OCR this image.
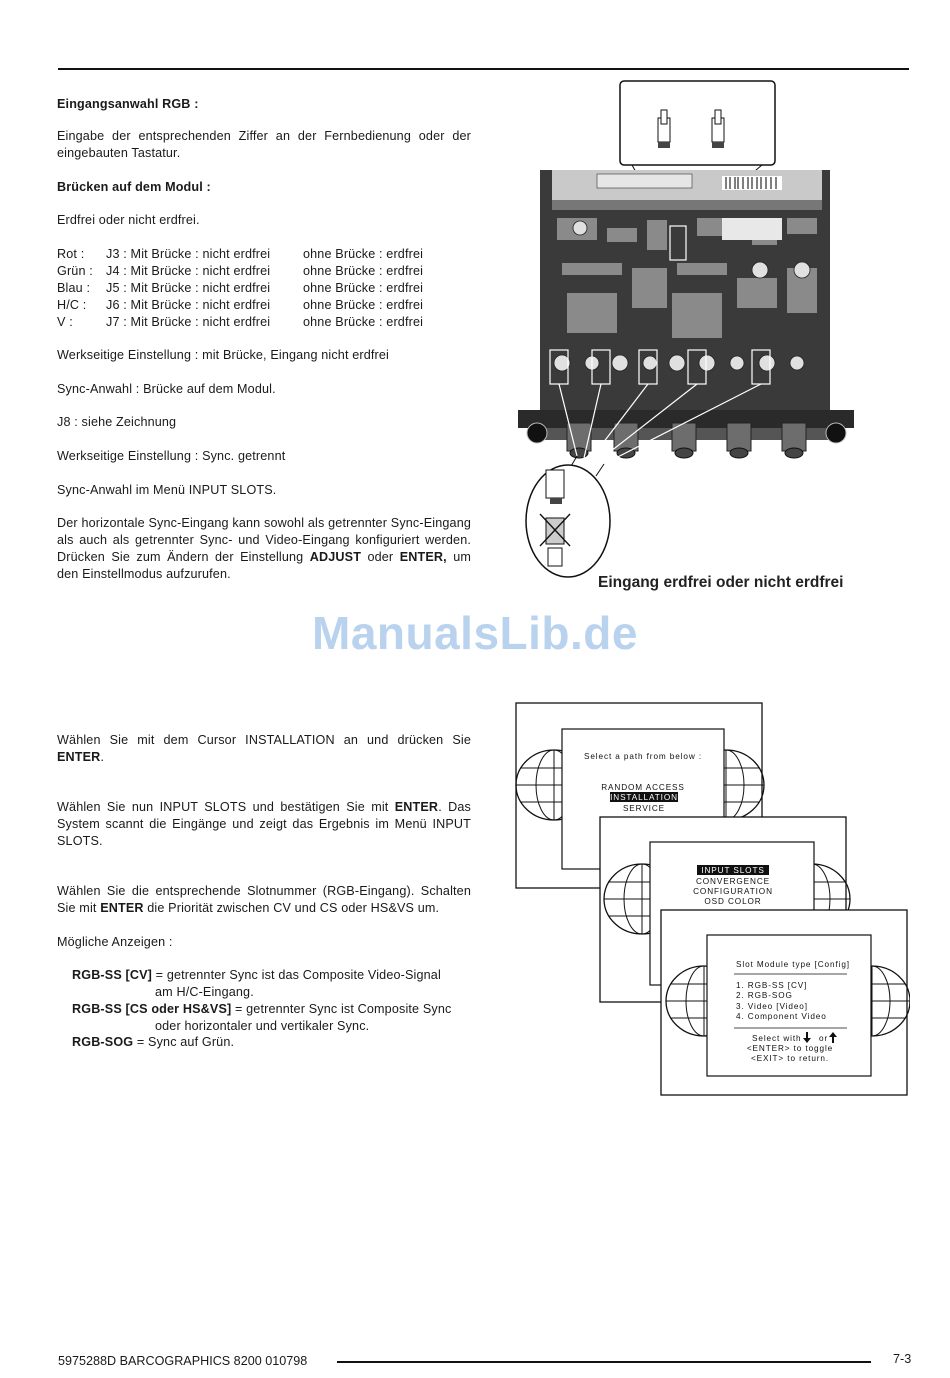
Eingangsanwahl RGB :
Eingabe der entsprechenden Ziffer an der Fernbedienung oder der eingebauten Tastatur.
Brücken auf dem Modul :
Erdfrei oder nicht erdfrei.
Rot :	J3 : Mit Brücke : nicht erdfrei	ohne Brücke : erdfrei
Grün :	J4 : Mit Brücke : nicht erdfrei	ohne Brücke : erdfrei
Blau :	J5 : Mit Brücke : nicht erdfrei	ohne Brücke : erdfrei
H/C :	J6 : Mit Brücke : nicht erdfrei	ohne Brücke : erdfrei
V :	J7 : Mit Brücke : nicht erdfrei	ohne Brücke : erdfrei
Werkseitige Einstellung : mit Brücke, Eingang nicht erdfrei
Sync-Anwahl : Brücke auf dem Modul.
J8 : siehe Zeichnung
Werkseitige Einstellung : Sync. getrennt
Sync-Anwahl im Menü INPUT SLOTS.
Der horizontale Sync-Eingang kann sowohl als getrennter Sync-Eingang als auch als getrennter Sync- und Video-Eingang konfiguriert werden. Drücken Sie zum Ändern der Einstellung ADJUST oder ENTER, um den Einstellmodus aufzurufen.	Eingang erdfrei oder nicht erdfrei
ManualsLib.de
Wählen Sie mit dem Cursor INSTALLATION an und drücken Sie ENTER.
Wählen Sie nun INPUT SLOTS und bestätigen Sie mit ENTER. Das System scannt die Eingänge und zeigt das Ergebnis im Menü INPUT SLOTS.
Wählen Sie die entsprechende Slotnummer (RGB-Eingang). Schalten Sie mit ENTER die Priorität zwischen CV und CS oder HS&VS um.
Mögliche Anzeigen :
RGB-SS [CV] = getrennter Sync ist das Composite Video-Signal
am H/C-Eingang.
RGB-SS [CS oder HS&VS] = getrennter Sync ist Composite Sync
oder horizontaler und vertikaler Sync.
RGB-SOG = Sync auf Grün.
Select a path from below :
RANDOM ACCESS
INSTALLATION
SERVICE
INPUT SLOTS
CONVERGENCE
CONFIGURATION
OSD COLOR
Slot Module type [Config]
1. RGB-SS [CV]
2. RGB-SOG
3. Video [Video]
4. Component Video
Select with or
<ENTER> to toggle
<EXIT> to return.
5975288D BARCOGRAPHICS 8200 010798	7-3
